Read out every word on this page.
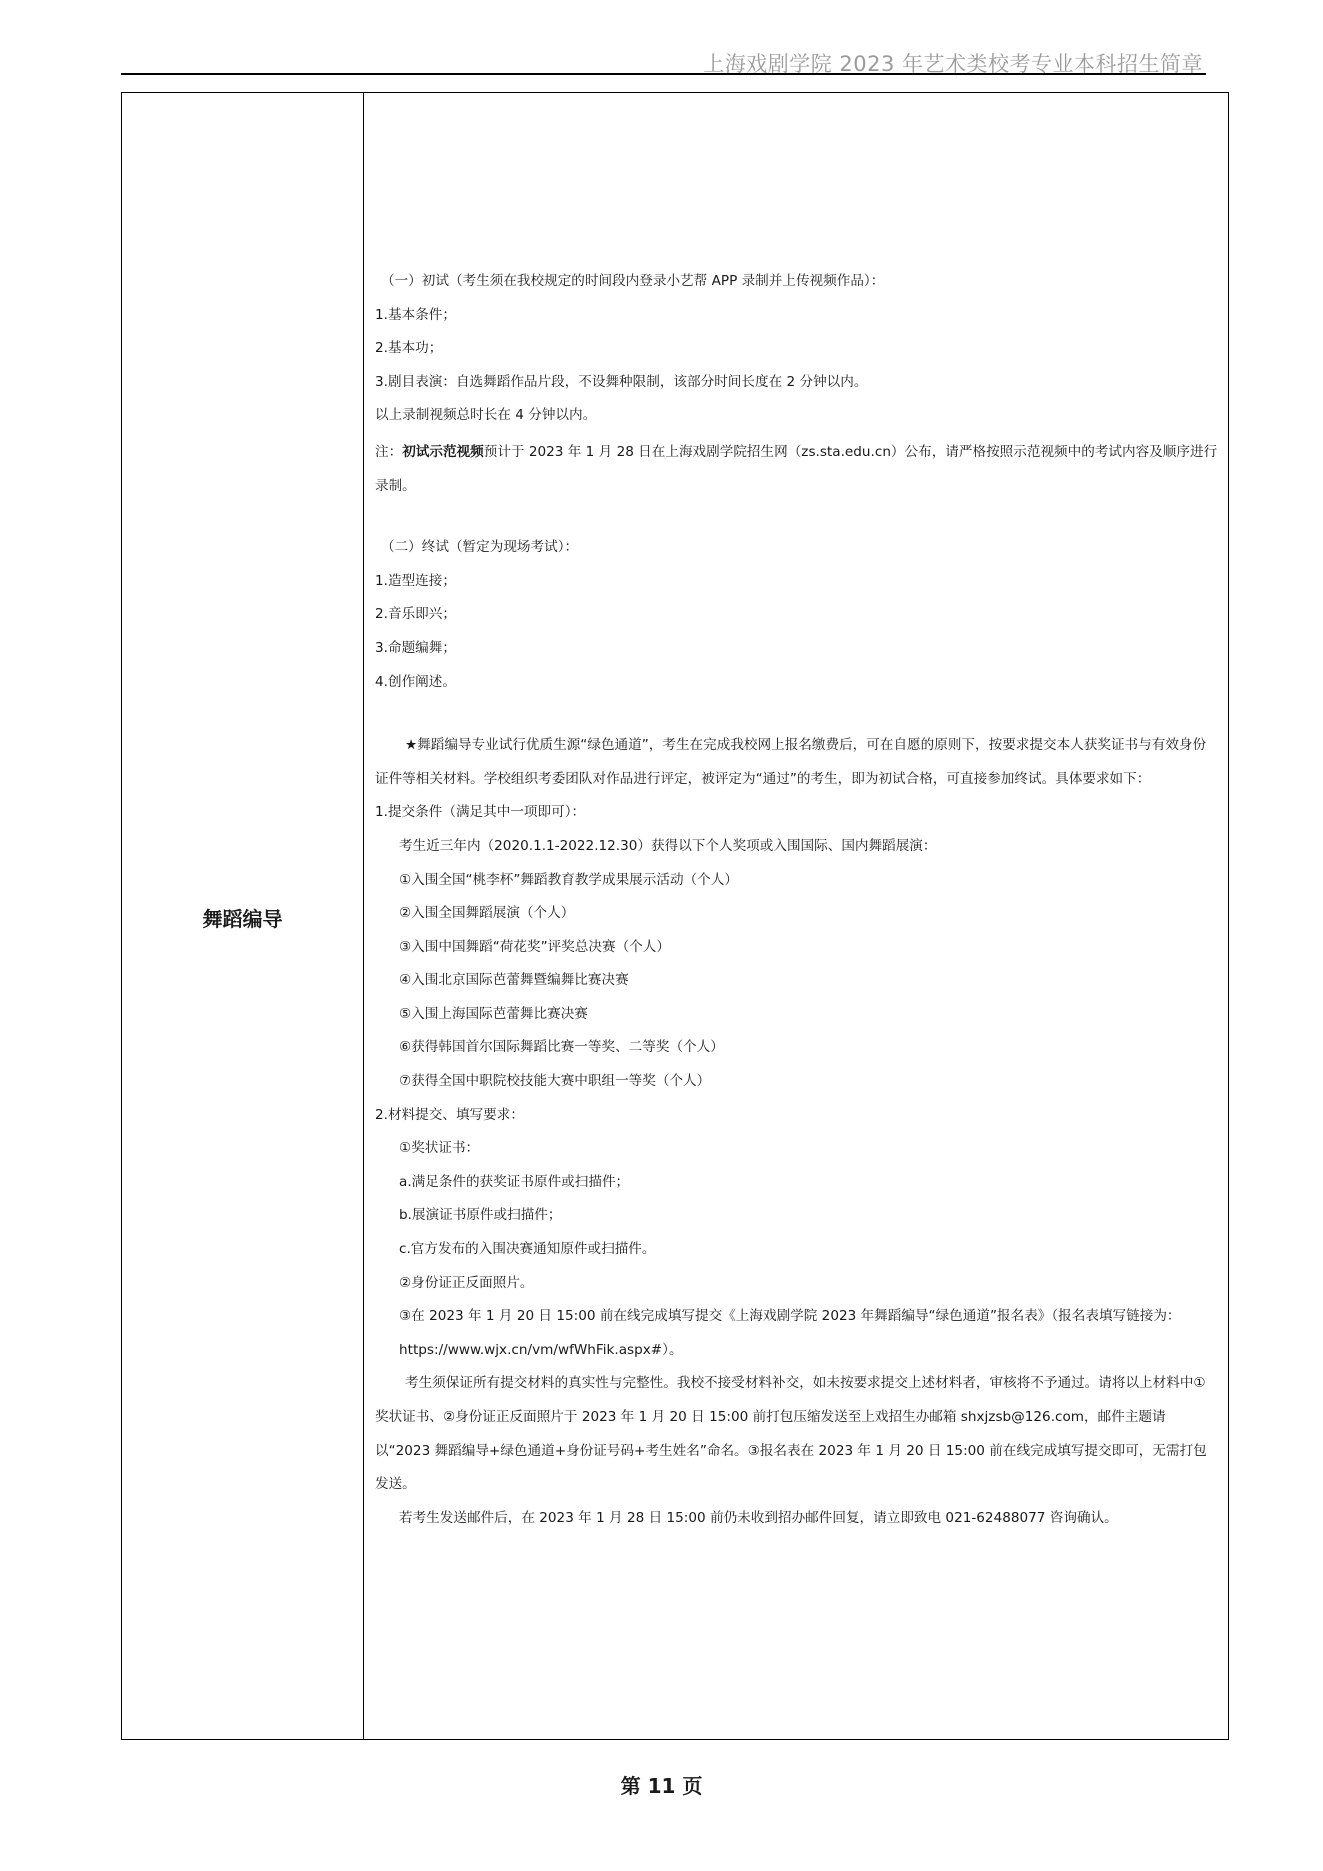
上海戏剧学院 2023 年艺术类校考专业本科招生简章
舞蹈编导

（一）初试（考生须在我校规定的时间段内登录小艺帮 APP 录制并上传视频作品）：

1.基本条件；

2.基本功；

3.剧目表演：自选舞蹈作品片段，不设舞种限制，该部分时间长度在 2 分钟以内。

以上录制视频总时长在 4 分钟以内。

注：初试示范视频预计于 2023 年 1 月 28 日在上海戏剧学院招生网（zs.sta.edu.cn）公布，请严格按照示范视频中的考试内容及顺序进行录制。

（二）终试（暂定为现场考试）：

1.造型连接；

2.音乐即兴；

3.命题编舞；

4.创作阐述。

★舞蹈编导专业试行优质生源“绿色通道”，考生在完成我校网上报名缴费后，可在自愿的原则下，按要求提交本人获奖证书与有效身份证件等相关材料。学校组织考委团队对作品进行评定，被评定为“通过”的考生，即为初试合格，可直接参加终试。具体要求如下：

1.提交条件（满足其中一项即可）：

考生近三年内（2020.1.1-2022.12.30）获得以下个人奖项或入围国际、国内舞蹈展演：

①入围全国“桃李杯”舞蹈教育教学成果展示活动（个人）

②入围全国舞蹈展演（个人）

③入围中国舞蹈“荷花奖”评奖总决赛（个人）

④入围北京国际芭蕾舞暨编舞比赛决赛

⑤入围上海国际芭蕾舞比赛决赛

⑥获得韩国首尔国际舞蹈比赛一等奖、二等奖（个人）

⑦获得全国中职院校技能大赛中职组一等奖（个人）

2.材料提交、填写要求：

①奖状证书：

a.满足条件的获奖证书原件或扫描件；

b.展演证书原件或扫描件；

c.官方发布的入围决赛通知原件或扫描件。

②身份证正反面照片。

③在 2023 年 1 月 20 日 15:00 前在线完成填写提交《上海戏剧学院 2023 年舞蹈编导“绿色通道”报名表》（报名表填写链接为：

https://www.wjx.cn/vm/wfWhFik.aspx#）。

考生须保证所有提交材料的真实性与完整性。我校不接受材料补交，如未按要求提交上述材料者，审核将不予通过。请将以上材料中①奖状证书、②身份证正反面照片于 2023 年 1 月 20 日 15:00 前打包压缩发送至上戏招生办邮箱 shxjzsb@126.com，邮件主题请以“2023 舞蹈编导+绿色通道+身份证号码+考生姓名”命名。③报名表在 2023 年 1 月 20 日 15:00 前在线完成填写提交即可，无需打包发送。

若考生发送邮件后，在 2023 年 1 月 28 日 15:00 前仍未收到招办邮件回复，请立即致电 021-62488077 咨询确认。

第 11 页
